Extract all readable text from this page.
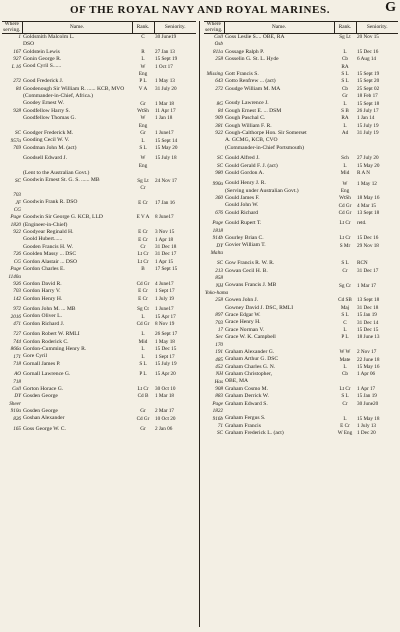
OF THE ROYAL NAVY AND ROYAL MARINES.	G
Where serving.	Name.	Rank.	Seniority.
1	Goldsmith Malcolm L.	C	30 June19
	DSO		
167	Goldstein Lewis	R	27 Jan 13
927	Gonin George R.	L	15 Sept 19
L 16	Good Cyril S......	W	1 Oct 17
		Eng	
272	Good Frederick J.	P L	1 May 13
84	Goodenough Sir William R. ...... KCB, MVO	V A	31 July 20
	(Commander-in-Chief, Africa.)		
	Goodey Ernest W.	Gr	1 Mar 18
928	Goodfellow Harry S.	WtSh	11 Apr 17
	Goodfellow Thomas G.	W	1 Jan 18
		Eng	
SC	Goodger Frederick M.	Gr	1 June17
957a	Gooding Cecil W. V.	L	15 Sept 14
769	Goodman John M. (act)	S L	15 May 20

	Goodsell Edward J.	W	15 July 18
		Eng	
	(Lent to the Australian Govt.)		
SC	Goodwin Ernest St. G. S. ...... MB	Sg Lt	24 Nov 17
		Cr	
703			
JF	Goodwin Frank R. DSO	E Cr	17 Jan 16
CG			
Page	Goodwin Sir George G. KCB, LLD	E V A	8 June17
1820	(Engineer-in-Chief)		
922	Goodyear Reginald H.	E Cr	3 Nov 15
	Goold Hubert......	E Cr	1 Apr 18
	Gooden Francis H. W.	Cr	31 Dec 18
726	Goolden Massy ... DSC	Lt Cr	31 Dec 17
CG	Gordon Alastair ... DSO	Lt Cr	1 Apr 15
Page	Gordon Charles E.	B	17 Sept 15
1140a			
926	Gordon David R.	Cd Gr	4 June17
703	Gordon Harry V.	E Cr	1 Sept 17
142	Gordon Henry H.	E Cr	1 July 19

972	Gordon John M. ... MB	Sg Ct	1 June17
2016	Gordon Oliver L.	L	15 Apr 17
471	Gordon Richard J.	Cd Gr	8 Nov 19

727	Gordon Robert W. RMLI	L	26 Sept 17
744	Gordon Roderick C.	Mid	1 May 18
866a	Gordon-Cumming Henry R.	L	15 Dec 15
171	Gore Cyril	L	1 Sept 17
718	Gornall James P.	S L	15 July 19

AO	Gornall Lawrence G.	P L	15 Apr 20
718			
Coll	Gorton Horace G.	Lt Cr	30 Oct 10
DY	Gosden George	Cd B	1 Mar 18
Sheer			
910a	Gosden George	Gr	2 Mar 17
826	Goshan Alexander	Cd Gr	10 Oct 20

165	Goss George W. C.	Gr	2 Jan 06
Where serving.	Name.	Rank.	Seniority.
Coll	Goss Leslie S.... OBE, RA	Sg Lt	20 Nov 15
Osb			
811a	Gossage Ralph P.	L	15 Dec 16
258	Gosselin G. St. L. Hyde	Cb	6 Aug 14
		RA	
Missing	Gott Francis S.	S L	15 Sept 19
643	Gotto Renfrew ... (act)	S L	15 Sept 20
272	Goudge William M. MA	Cb	25 Sept 02
		Gr	18 Feb 17
8G	Goudy Lawrence J.	L	15 Sept 18
84	Gough Ernest E. ... DSM	S B	26 July 17
909	Gough Paschal C.	RA	1 Jan 14
381	Gough William F. R.	L	15 July 19
922	Gough-Calthorpe Hon. Sir Somerset	Ad	31 July 19
	A. GCMG, KCB, CVO		
	(Commander-in-Chief Portsmouth)		

SC	Gould Alfred J.	Sch	27 July 20
SC	Gould Gerald F. J. (act)	L	15 May 20
980	Gould Gordon A.	Mid	R A N

990a	Gould Henry J. R.	W	1 May 12
	(Serving under Australian Govt.)	Eng	
360	Gould James F.	WtSh	18 May 16
	Gould John W.	Cd Gr	4 Mar 15
676	Gould Richard	Cd Gr	13 Sept 18

Page	Gould Rupert T.	Lt Cr	retd.
1818			
914b	Gourley Brian C.	Lt Cr	15 Dec 16
DY	Govier William T.	S Mr	29 Nov 18
Malta			

SC	Gow Francis R. W. R.	S L	RCN
213	Gowan Cecil H. B.	Cr	31 Dec 17
858			
NH	Gowans Francis J. MB	Sg Cr	1 Mar 17
Yoko-hama			
258	Gowen John J.	Cd SB	13 Sept 18
	Gowney David J. DSC, RMLI	Maj	31 Dec 18
897	Grace Edgar W.	S L	15 Jan 19
703	Grace Henry H.	C	31 Dec 14
17	Grace Norman V.	L	15 Dec 15
Sec	Grace W. K. Campbell	P L	18 June 13
170			
191	Graham Alexander G.	W W	2 Nov 17
485	Graham Arthur G. DSC	Mate	22 June 18
452	Graham Charles G. N.	L	15 May 16
NH	Graham Christopher,	Cb	1 Apr 06
Has	OBE, MA		
908	Graham Cosmo M.	Lt Cr	1 Apr 17
883	Graham Derrick W.	S L	15 Jan 19
Page	Graham Edward S.	Cr	30 June20
1822			
916b	Graham Fergus S.	L	15 May 18
71	Graham Francis	E Cr	1 July 13
SC	Graham Frederick L. (act)	W Eng	1 Dec 20
